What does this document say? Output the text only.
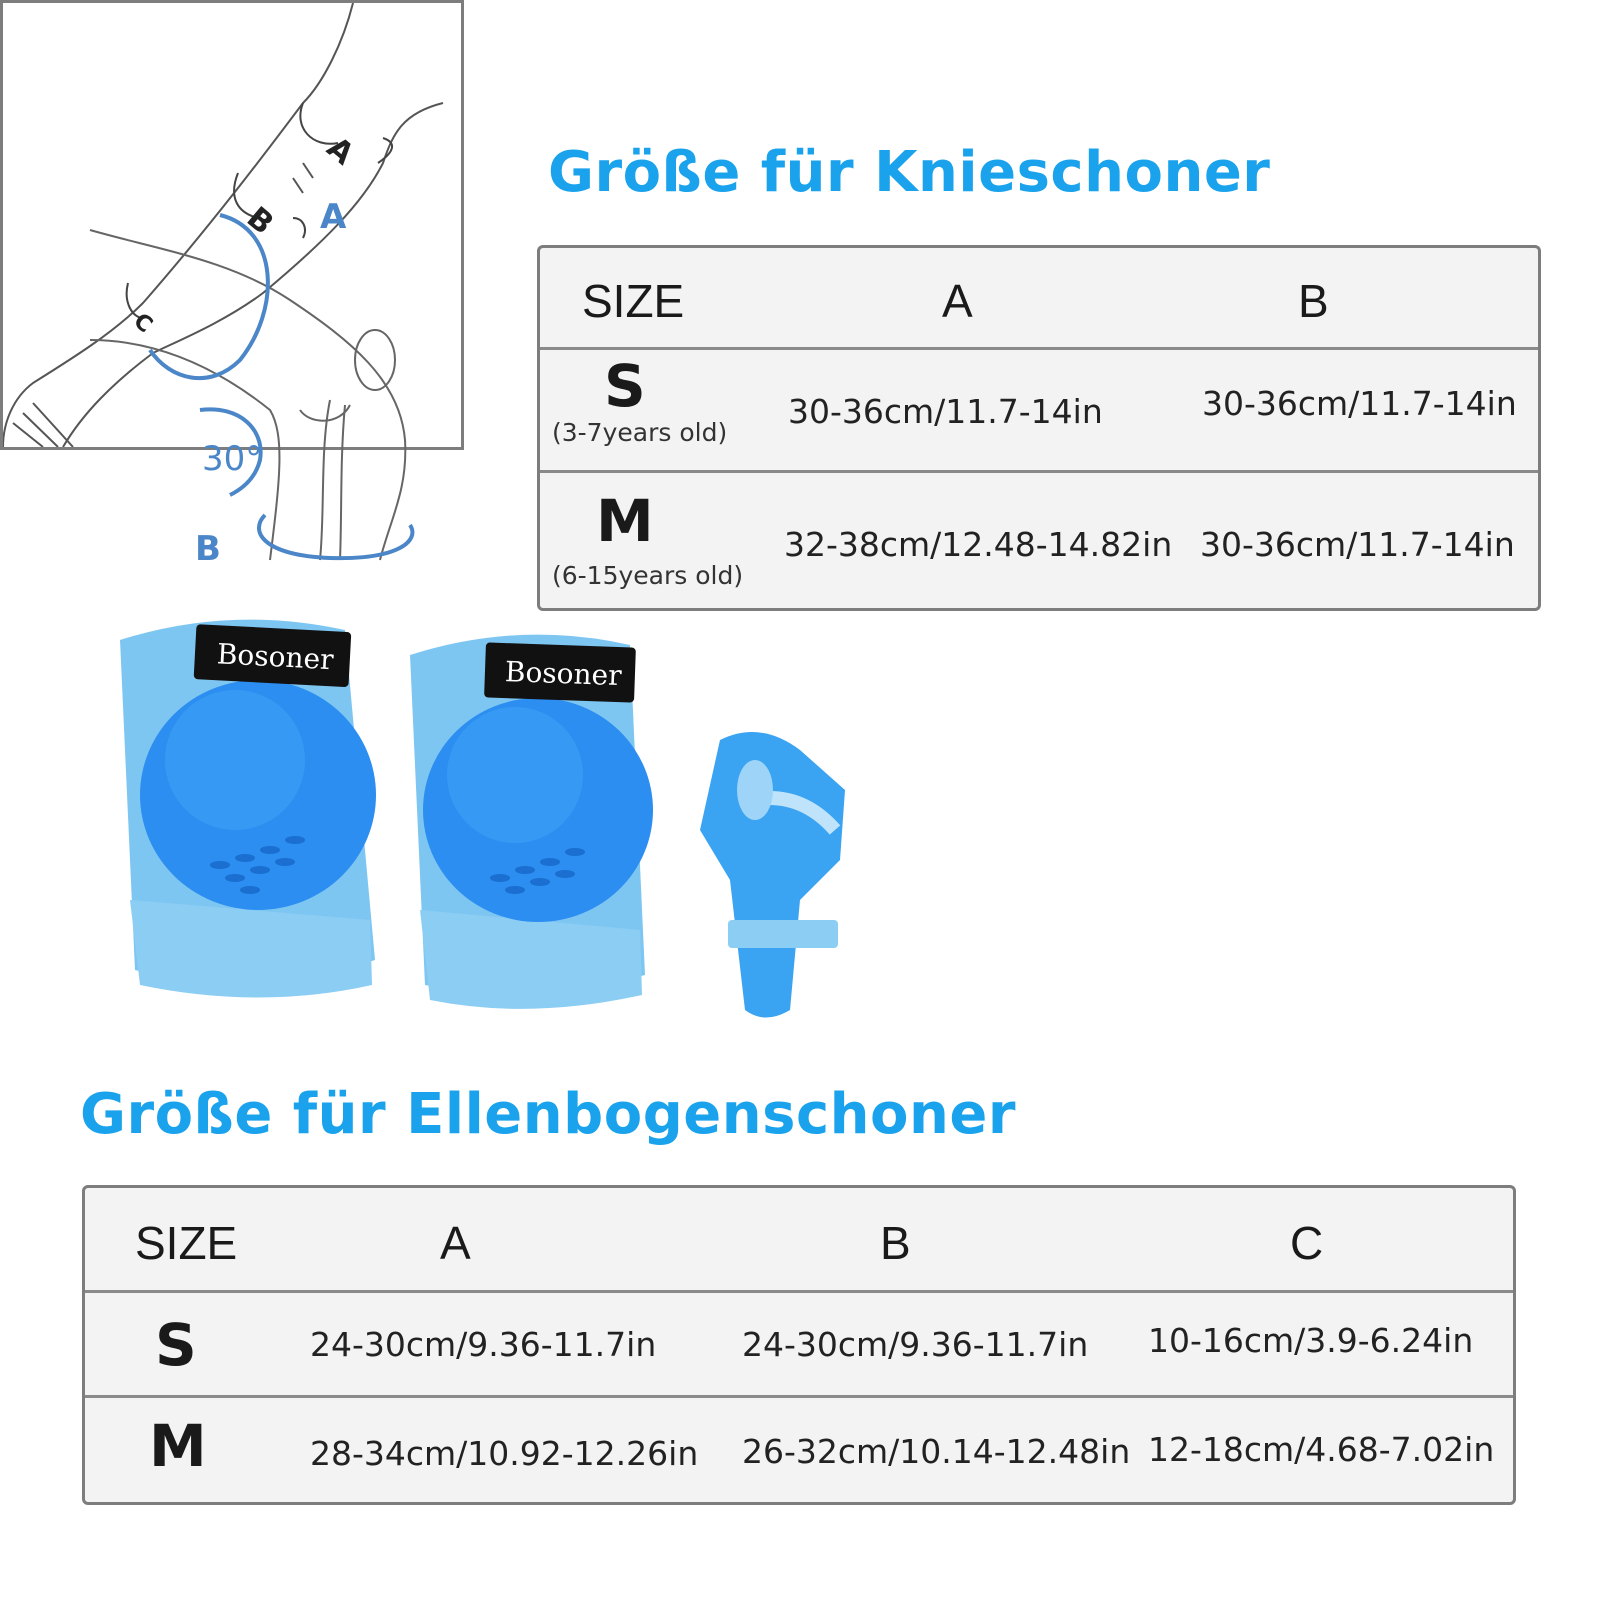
Größe für Knieschoner
A
30°
B
SIZE	A	B
S
(3-7years old)
30-36cm/11.7-14in	30-36cm/11.7-14in
M
(6-15years old)
32-38cm/12.48-14.82in 30-36cm/11.7-14in
Bosoner	Bosoner
A
B
C
Größe für Ellenbogenschoner
SIZE	A	B	C
S	24-30cm/9.36-11.7in	24-30cm/9.36-11.7in 10-16cm/3.9-6.24in
M	28-34cm/10.92-12.26in 26-32cm/10.14-12.48in 12-18cm/4.68-7.02in
